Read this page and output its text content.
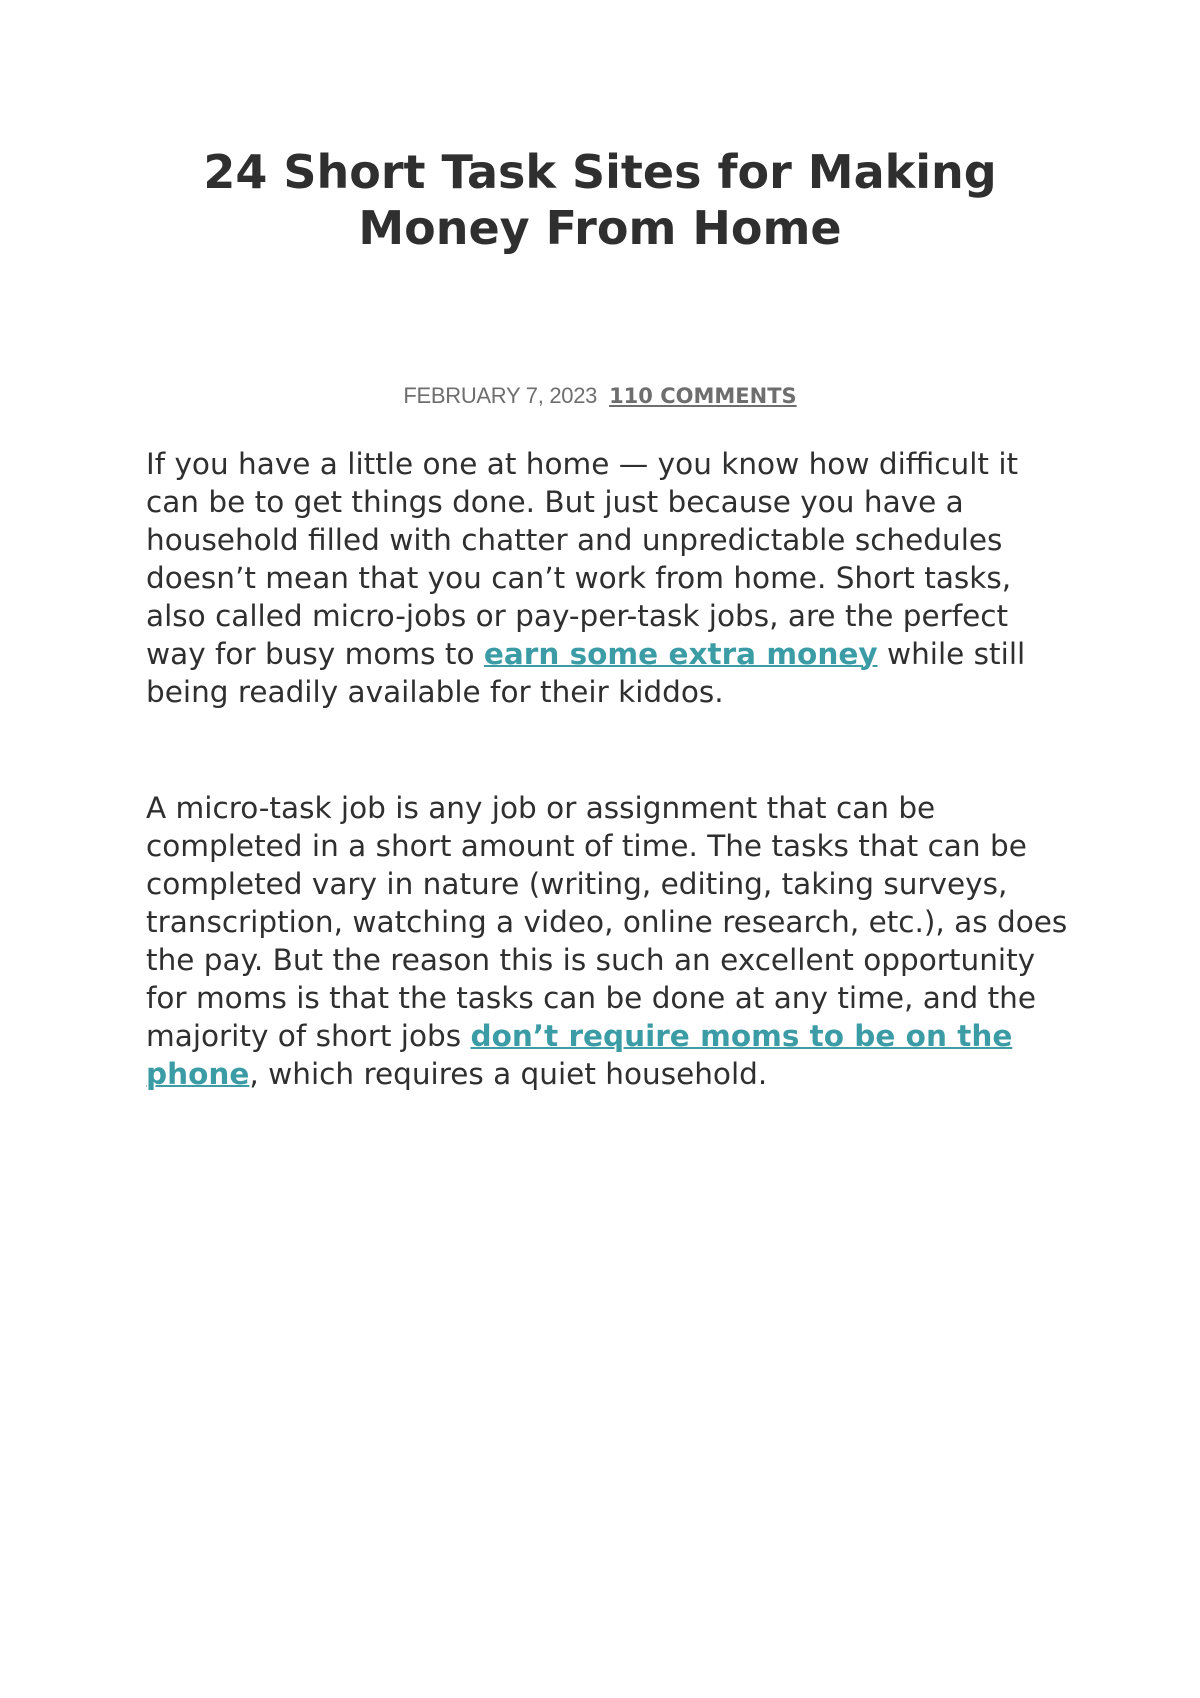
24 Short Task Sites for Making Money From Home
FEBRUARY 7, 2023 110 COMMENTS

If you have a little one at home — you know how difficult it can be to get things done. But just because you have a household filled with chatter and unpredictable schedules doesn’t mean that you can’t work from home. Short tasks, also called micro-jobs or pay-per-task jobs, are the perfect way for busy moms to earn some extra money while still being readily available for their kiddos.

A micro-task job is any job or assignment that can be completed in a short amount of time. The tasks that can be completed vary in nature (writing, editing, taking surveys, transcription, watching a video, online research, etc.), as does the pay. But the reason this is such an excellent opportunity for moms is that the tasks can be done at any time, and the majority of short jobs don’t require moms to be on the phone, which requires a quiet household.
